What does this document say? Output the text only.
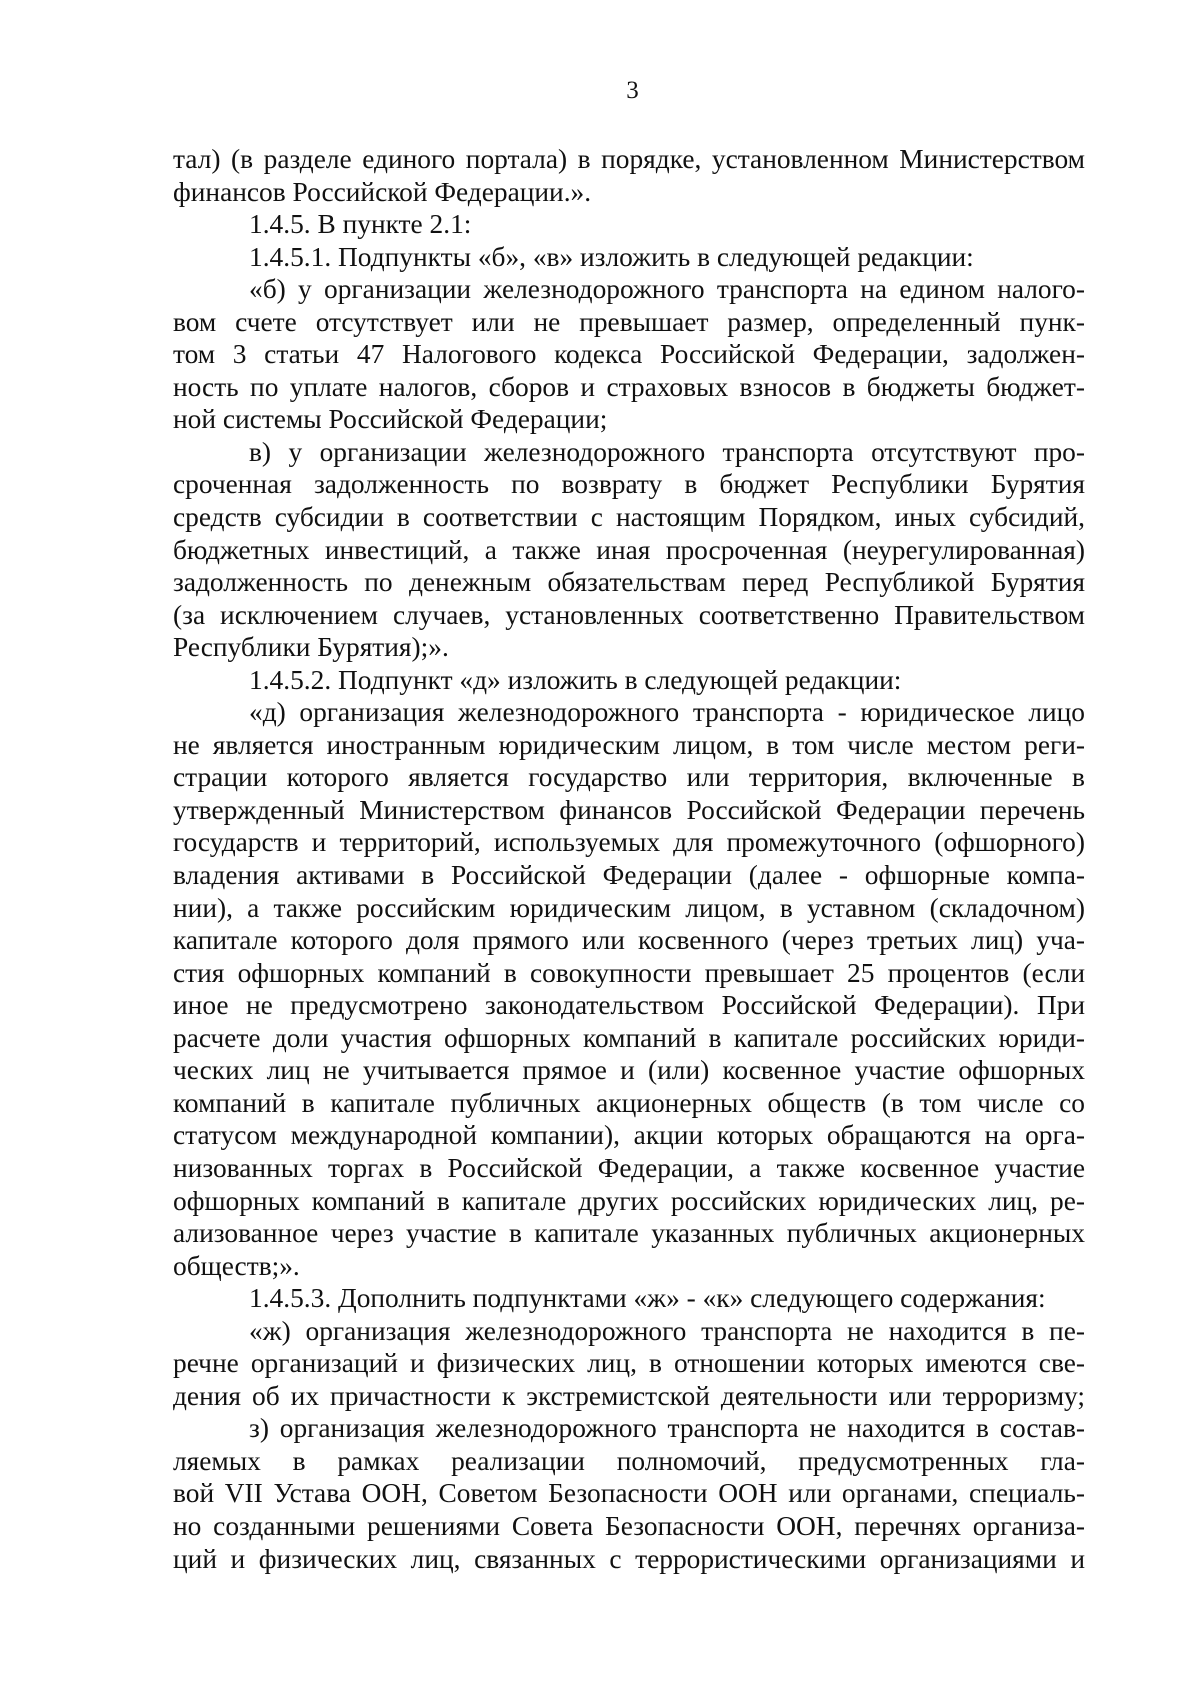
3
тал) (в разделе единого портала) в порядке, установленном Министерством
финансов Российской Федерации.».
1.4.5. В пункте 2.1:
1.4.5.1. Подпункты «б», «в» изложить в следующей редакции:
«б) у организации железнодорожного транспорта на едином налого-
вом счете отсутствует или не превышает размер, определенный пунк-
том 3 статьи 47 Налогового кодекса Российской Федерации, задолжен-
ность по уплате налогов, сборов и страховых взносов в бюджеты бюджет-
ной системы Российской Федерации;
в) у организации железнодорожного транспорта отсутствуют про-
сроченная задолженность по возврату в бюджет Республики Бурятия
средств субсидии в соответствии с настоящим Порядком, иных субсидий,
бюджетных инвестиций, а также иная просроченная (неурегулированная)
задолженность по денежным обязательствам перед Республикой Бурятия
(за исключением случаев, установленных соответственно Правительством
Республики Бурятия);».
1.4.5.2. Подпункт «д» изложить в следующей редакции:
«д) организация железнодорожного транспорта - юридическое лицо
не является иностранным юридическим лицом, в том числе местом реги-
страции которого является государство или территория, включенные в
утвержденный Министерством финансов Российской Федерации перечень
государств и территорий, используемых для промежуточного (офшорного)
владения активами в Российской Федерации (далее - офшорные компа-
нии), а также российским юридическим лицом, в уставном (складочном)
капитале которого доля прямого или косвенного (через третьих лиц) уча-
стия офшорных компаний в совокупности превышает 25 процентов (если
иное не предусмотрено законодательством Российской Федерации). При
расчете доли участия офшорных компаний в капитале российских юриди-
ческих лиц не учитывается прямое и (или) косвенное участие офшорных
компаний в капитале публичных акционерных обществ (в том числе со
статусом международной компании), акции которых обращаются на орга-
низованных торгах в Российской Федерации, а также косвенное участие
офшорных компаний в капитале других российских юридических лиц, ре-
ализованное через участие в капитале указанных публичных акционерных
обществ;».
1.4.5.3. Дополнить подпунктами «ж» - «к» следующего содержания:
«ж) организация железнодорожного транспорта не находится в пе-
речне организаций и физических лиц, в отношении которых имеются све-
дения об их причастности к экстремистской деятельности или терроризму;
з) организация железнодорожного транспорта не находится в состав-
ляемых в рамках реализации полномочий, предусмотренных гла-
вой VII Устава ООН, Советом Безопасности ООН или органами, специаль-
но созданными решениями Совета Безопасности ООН, перечнях организа-
ций и физических лиц, связанных с террористическими организациями и
